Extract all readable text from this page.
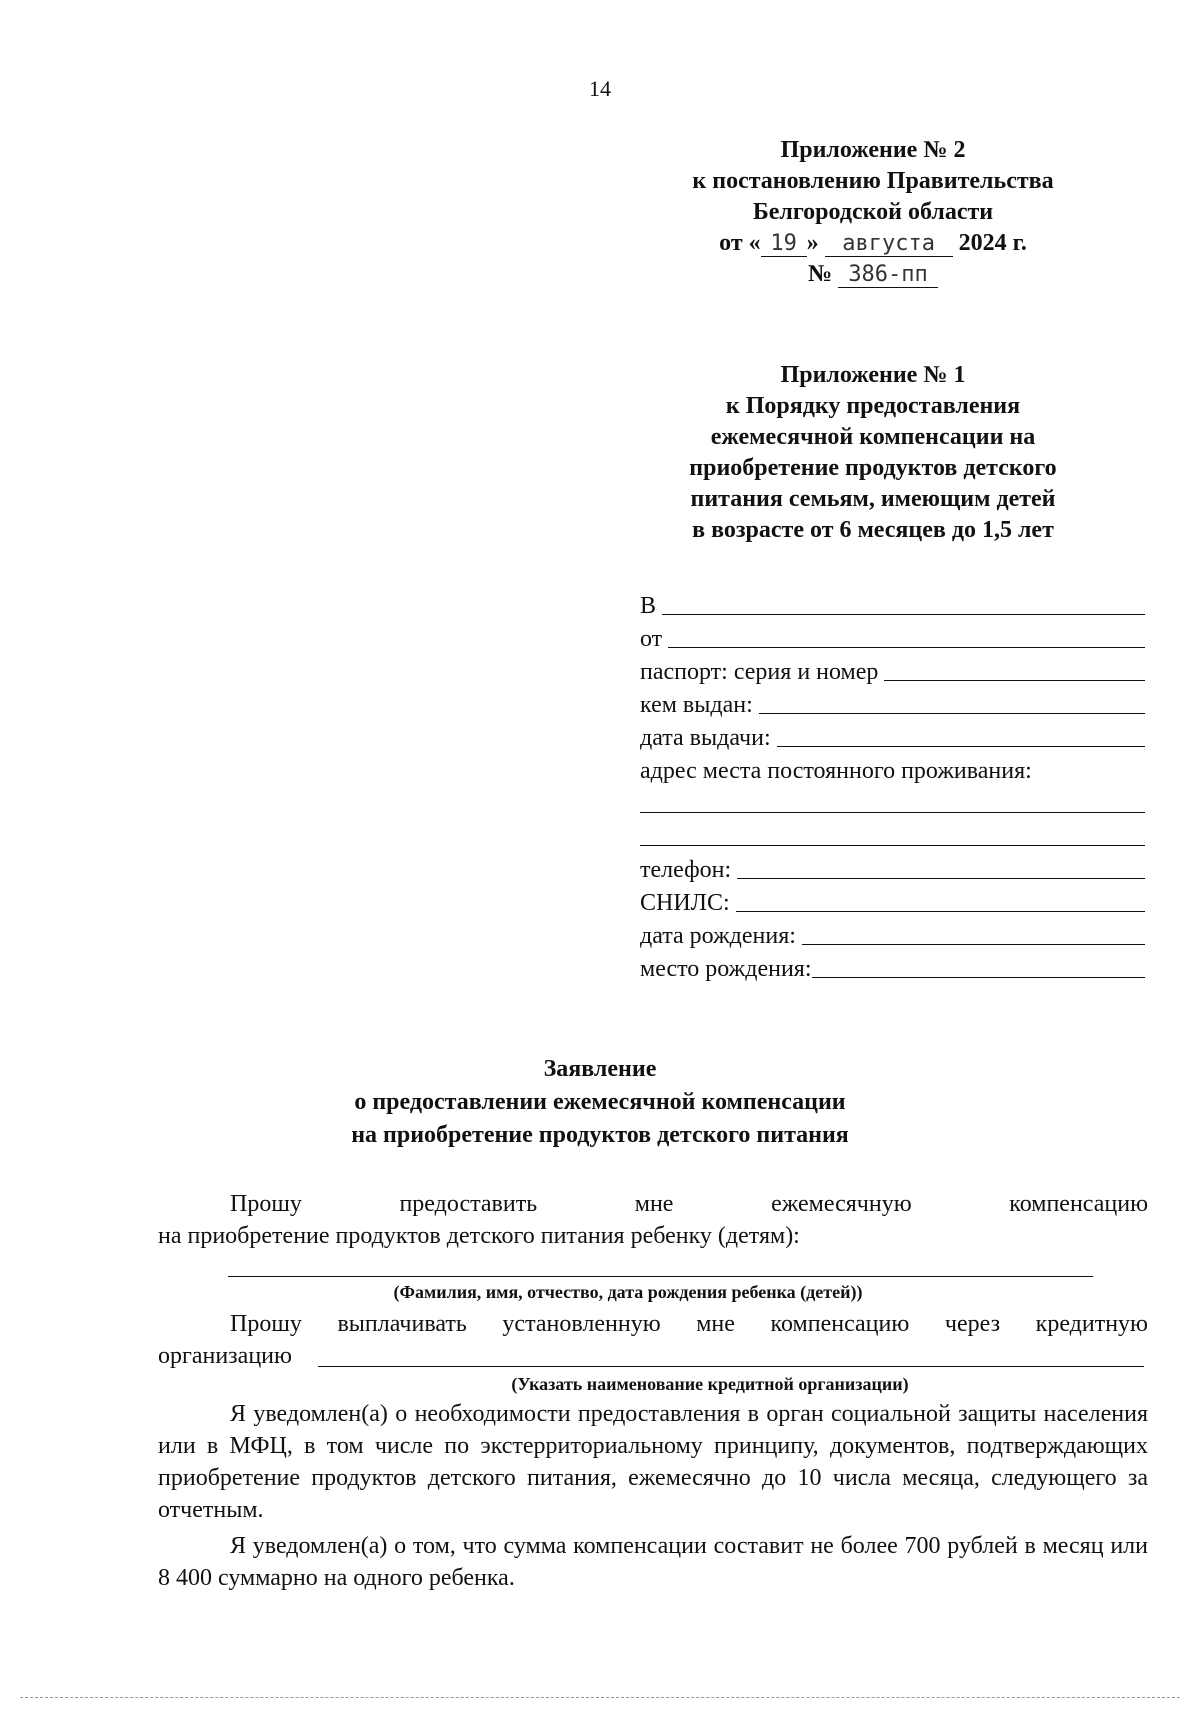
14
Приложение № 2
к постановлению Правительства
Белгородской области
от « 19 » августа 2024 г.
№ 386-пп
Приложение № 1
к Порядку предоставления
ежемесячной компенсации на
приобретение продуктов детского
питания семьям, имеющим детей
в возрасте от 6 месяцев до 1,5 лет
В
от
паспорт: серия и номер
кем выдан:
дата выдачи:
адрес места постоянного проживания:
телефон:
СНИЛС:
дата рождения:
место рождения:
Заявление
о предоставлении ежемесячной компенсации
на приобретение продуктов детского питания
Прошу предоставить мне ежемесячную компенсацию
на приобретение продуктов детского питания ребенку (детям):
(Фамилия, имя, отчество, дата рождения ребенка (детей))
Прошу выплачивать установленную мне компенсацию через кредитную
организацию
(Указать наименование кредитной организации)
Я уведомлен(а) о необходимости предоставления в орган социальной защиты населения или в МФЦ, в том числе по экстерриториальному принципу, документов, подтверждающих приобретение продуктов детского питания, ежемесячно до 10 числа месяца, следующего за отчетным.
Я уведомлен(а) о том, что сумма компенсации составит не более 700 рублей в месяц или 8 400 суммарно на одного ребенка.
